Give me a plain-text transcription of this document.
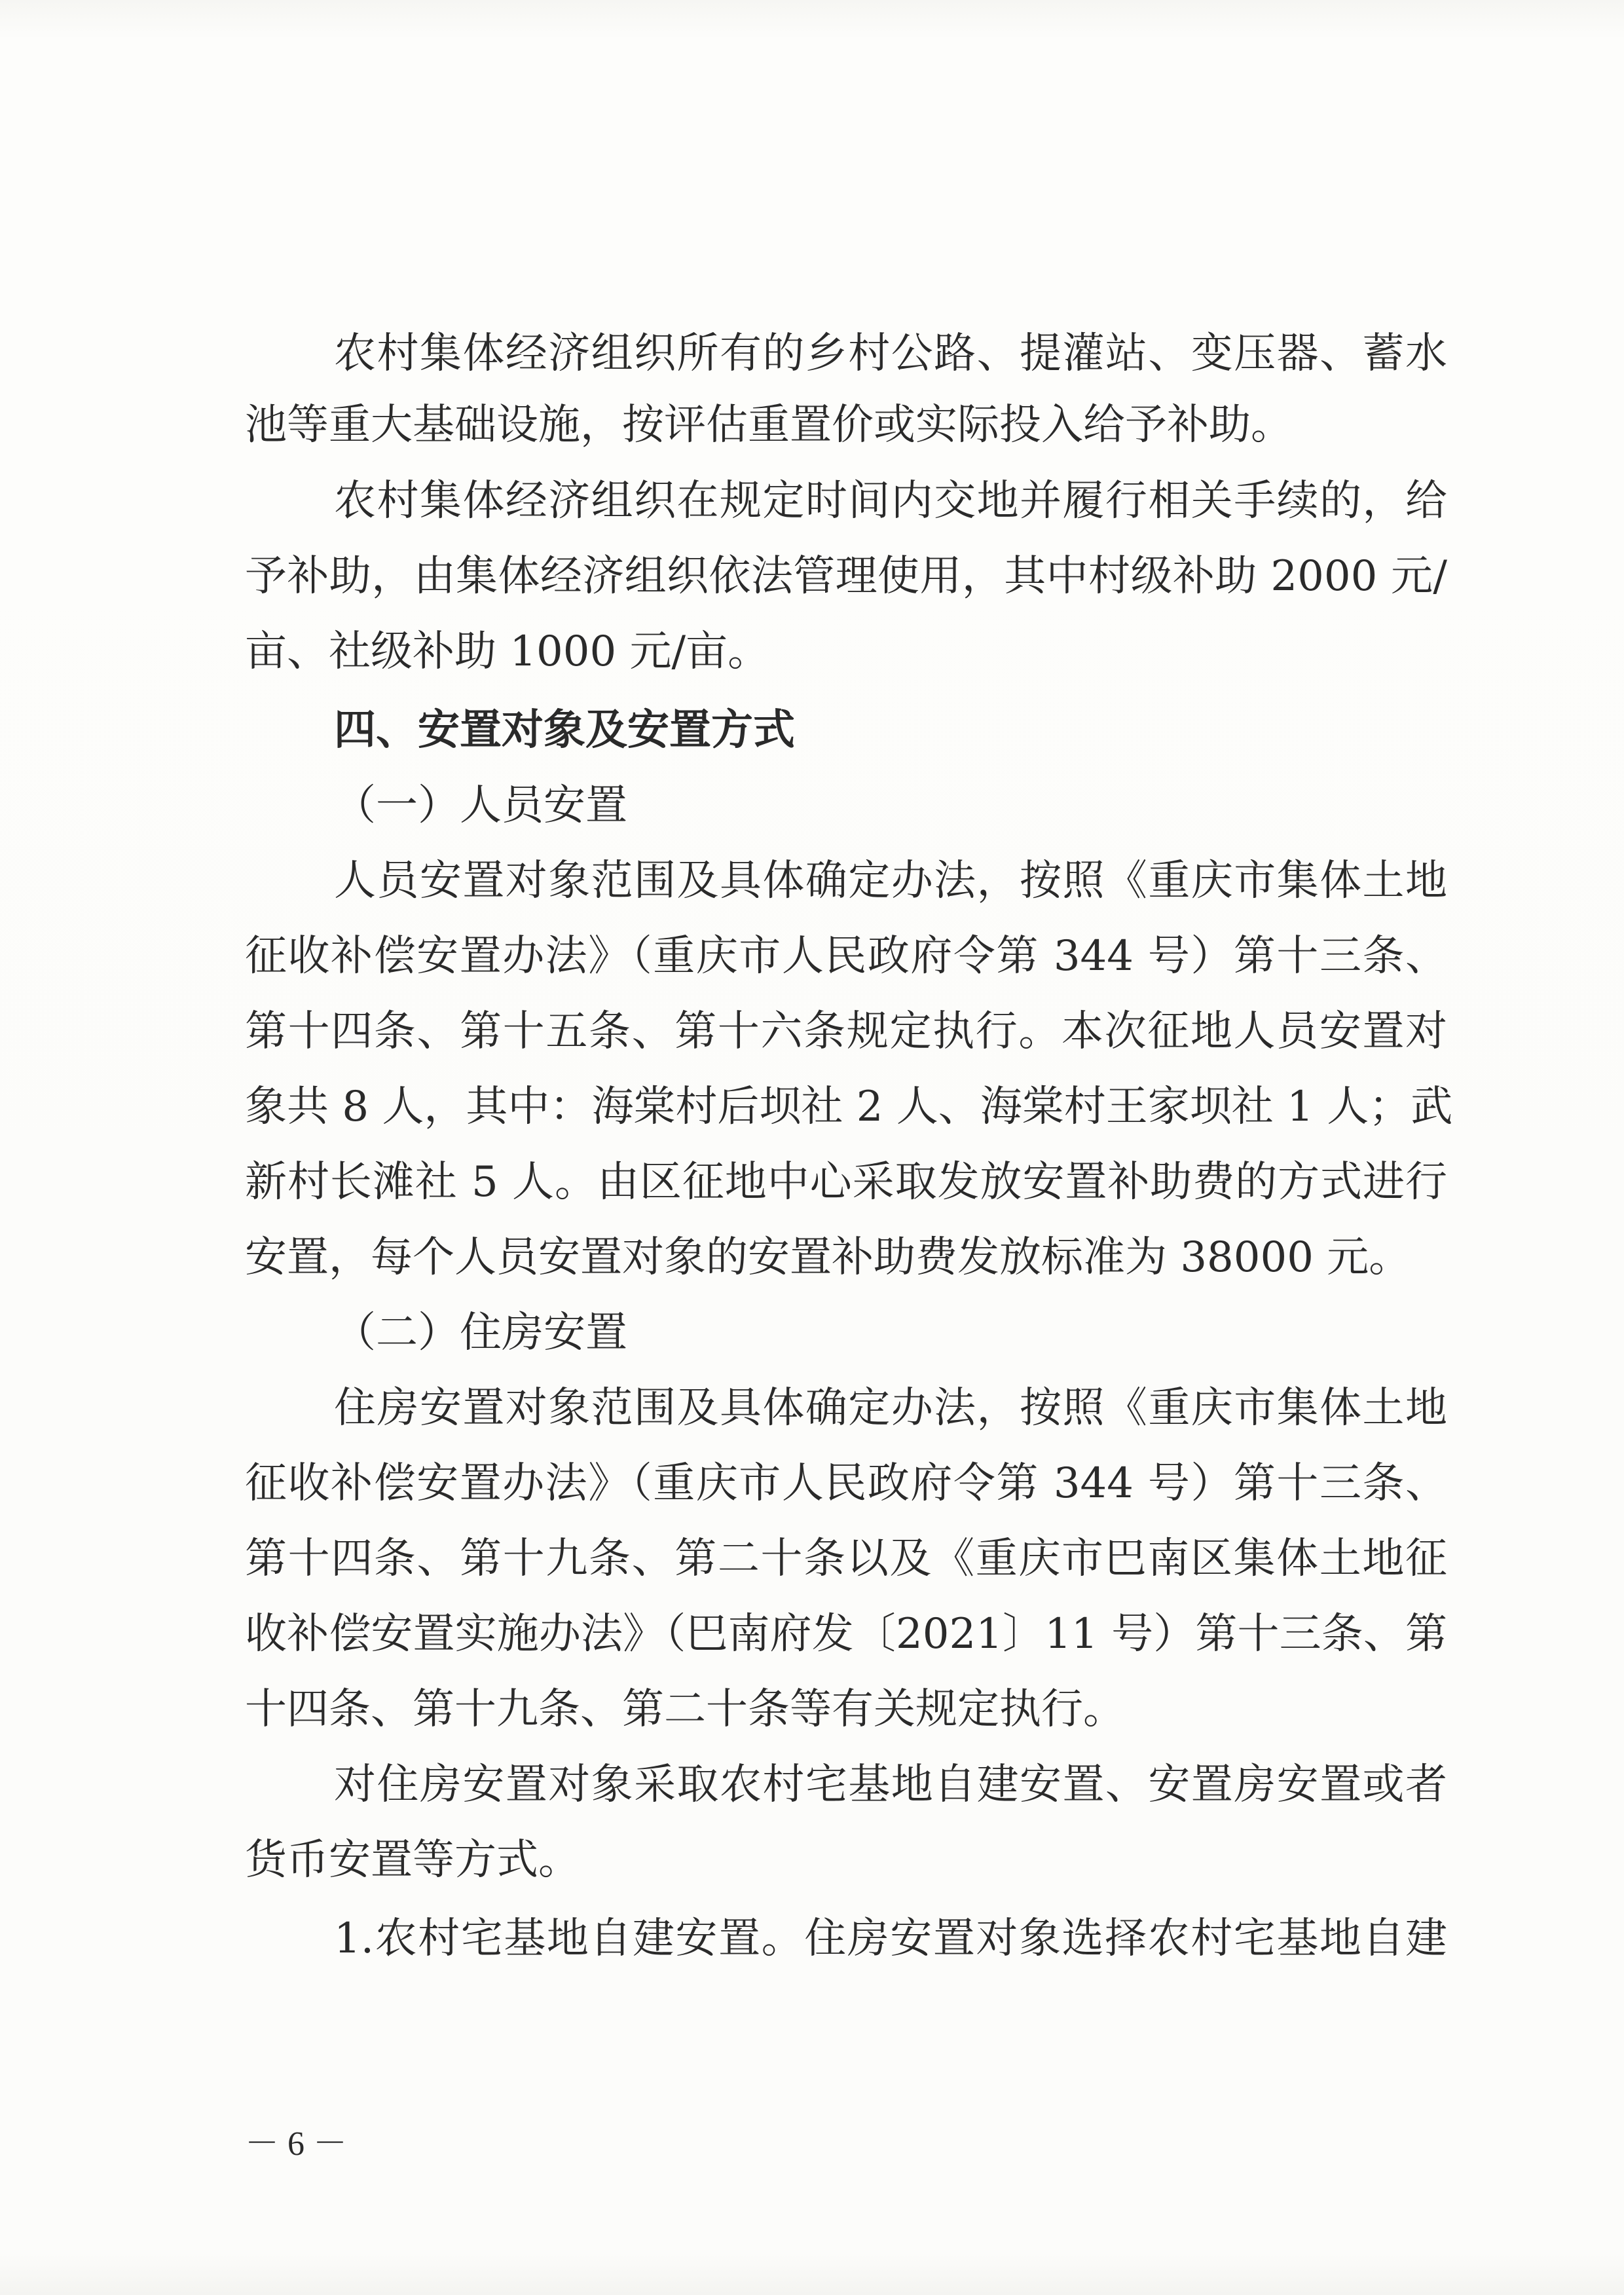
农村集体经济组织所有的乡村公路、提灌站、变压器、蓄水
池等重大基础设施，按评估重置价或实际投入给予补助。
农村集体经济组织在规定时间内交地并履行相关手续的，给
予补助，由集体经济组织依法管理使用，其中村级补助 2000 元/
亩、社级补助 1000 元/亩。
四、安置对象及安置方式
（一）人员安置
人员安置对象范围及具体确定办法，按照《重庆市集体土地
征收补偿安置办法》（重庆市人民政府令第 344 号）第十三条、
第十四条、第十五条、第十六条规定执行。本次征地人员安置对
象共 8 人，其中：海棠村后坝社 2 人、海棠村王家坝社 1 人；武
新村长滩社 5 人。由区征地中心采取发放安置补助费的方式进行
安置，每个人员安置对象的安置补助费发放标准为 38000 元。
（二）住房安置
住房安置对象范围及具体确定办法，按照《重庆市集体土地
征收补偿安置办法》（重庆市人民政府令第 344 号）第十三条、
第十四条、第十九条、第二十条以及《重庆市巴南区集体土地征
收补偿安置实施办法》（巴南府发〔2021〕11 号）第十三条、第
十四条、第十九条、第二十条等有关规定执行。
对住房安置对象采取农村宅基地自建安置、安置房安置或者
货币安置等方式。
1.农村宅基地自建安置。住房安置对象选择农村宅基地自建
－ 6 －
